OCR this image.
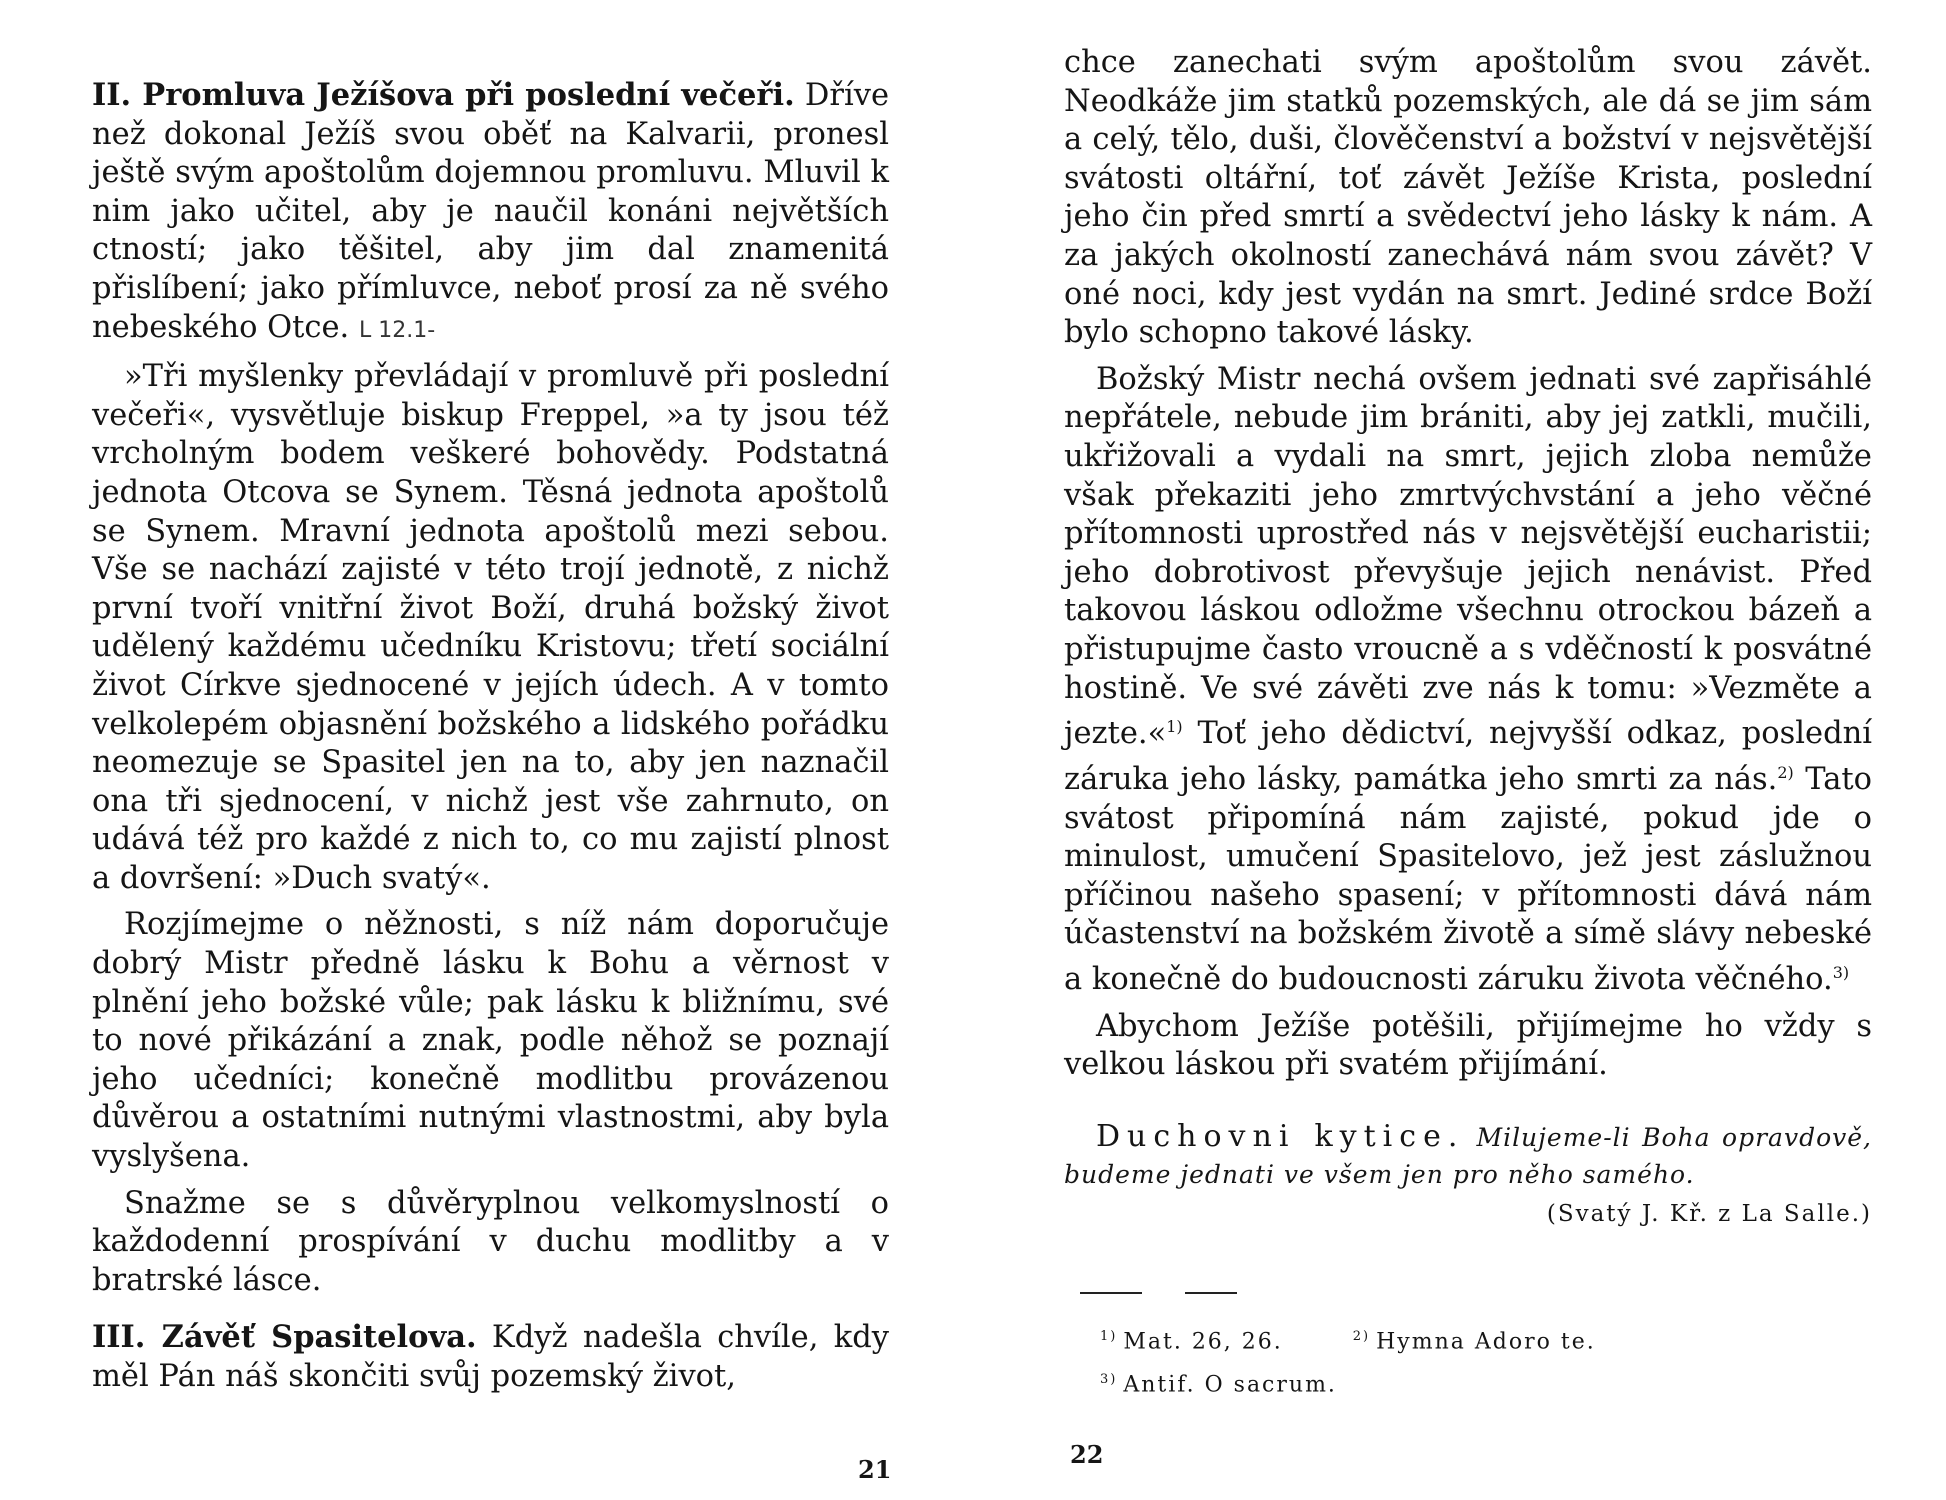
II. Promluva Ježíšova při poslední večeři. Dříve než dokonal Ježíš svou oběť na Kalvarii, pronesl ještě svým apoštolům dojemnou promluvu. Mluvil k nim jako učitel, aby je naučil konáni největších ctností; jako těšitel, aby jim dal znamenitá přislíbení; jako přímluvce, neboť prosí za ně svého nebeského Otce. L 12.1-

»Tři myšlenky převládají v promluvě při poslední večeři«, vysvětluje biskup Freppel, »a ty jsou též vrcholným bodem veškeré bohovědy. Podstatná jednota Otcova se Synem. Těsná jednota apoštolů se Synem. Mravní jednota apoštolů mezi sebou. Vše se nachází zajisté v této trojí jednotě, z nichž první tvoří vnitřní život Boží, druhá božský život udělený každému učedníku Kristovu; třetí sociální život Církve sjednocené v jejích údech. A v tomto velkolepém objasnění božského a lidského pořádku neomezuje se Spasitel jen na to, aby jen naznačil ona tři sjednocení, v nichž jest vše zahrnuto, on udává též pro každé z nich to, co mu zajistí plnost a dovršení: »Duch svatý«.

Rozjímejme o něžnosti, s níž nám doporučuje dobrý Mistr předně lásku k Bohu a věrnost v plnění jeho božské vůle; pak lásku k bližnímu, své to nové přikázání a znak, podle něhož se poznají jeho učedníci; konečně modlitbu provázenou důvěrou a ostatními nutnými vlastnostmi, aby byla vyslyšena.

Snažme se s důvěryplnou velkomyslností o každodenní prospívání v duchu modlitby a v bratrské lásce.

III. Závěť Spasitelova. Když nadešla chvíle, kdy měl Pán náš skončiti svůj pozemský život,

21

chce zanechati svým apoštolům svou závět. Neodkáže jim statků pozemských, ale dá se jim sám a celý, tělo, duši, člověčenství a božství v nejsvětější svátosti oltářní, toť závět Ježíše Krista, poslední jeho čin před smrtí a svědectví jeho lásky k nám. A za jakých okolností zanechává nám svou závět? V oné noci, kdy jest vydán na smrt. Jediné srdce Boží bylo schopno takové lásky.

Božský Mistr nechá ovšem jednati své zapřisáhlé nepřátele, nebude jim brániti, aby jej zatkli, mučili, ukřižovali a vydali na smrt, jejich zloba nemůže však překaziti jeho zmrtvýchvstání a jeho věčné přítomnosti uprostřed nás v nejsvětější eucharistii; jeho dobrotivost převyšuje jejich nenávist. Před takovou láskou odložme všechnu otrockou bázeň a přistupujme často vroucně a s vděčností k posvátné hostině. Ve své závěti zve nás k tomu: »Vezměte a jezte.«$^{1)}$ Toť jeho dědictví, nejvyšší odkaz, poslední záruka jeho lásky, památka jeho smrti za nás.$^{2)}$ Tato svátost připomíná nám zajisté, pokud jde o minulost, umučení Spasitelovo, jež jest záslužnou příčinou našeho spasení; v přítomnosti dává nám účastenství na božském životě a símě slávy nebeské a konečně do budoucnosti záruku života věčného.$^{3)}$

Abychom Ježíše potěšili, přijímejme ho vždy s velkou láskou při svatém přijímání.

Duchovni kytice. Milujeme-li Boha opravdově, budeme jednati ve všem jen pro něho samého.

(Svatý J. Kř. z La Salle.)

22
$^{1)}$ Mat. 26, 26.	$^{2)}$ Hymna Adoro te.
$^{3)}$ Antif. O sacrum.
